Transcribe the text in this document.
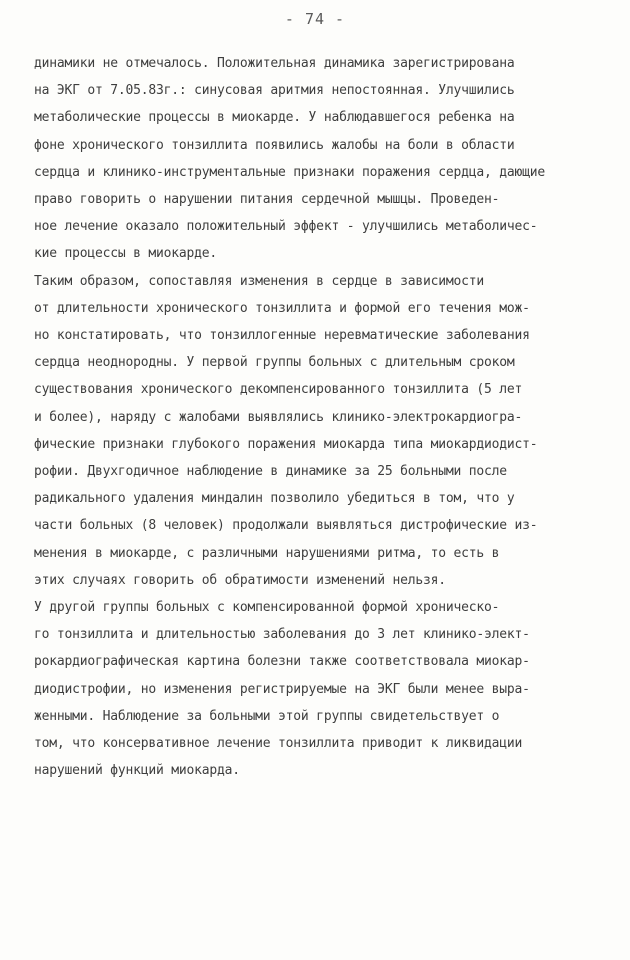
- 74 -
динамики не отмечалось. Положительная динамика зарегистрирована
на ЭКГ от 7.05.83г.: синусовая аритмия непостоянная. Улучшились
метаболические процессы в миокарде. У наблюдавшегося ребенка на
фоне хронического тонзиллита появились жалобы на боли в области
сердца и клинико-инструментальные признаки поражения сердца, дающие
право говорить о нарушении питания сердечной мышцы. Проведен-
ное лечение оказало положительный эффект - улучшились метаболичес-
кие процессы в миокарде.
Таким образом, сопоставляя изменения в сердце в зависимости
от длительности хронического тонзиллита и формой его течения мож-
но констатировать, что тонзиллогенные неревматические заболевания
сердца неоднородны. У первой группы больных с длительным сроком
существования хронического декомпенсированного тонзиллита (5 лет
и более), наряду с жалобами выявлялись клинико-электрокардиогра-
фические признаки глубокого поражения миокарда типа миокардиодист-
рофии. Двухгодичное наблюдение в динамике за 25 больными после
радикального удаления миндалин позволило убедиться в том, что у
части больных (8 человек) продолжали выявляться дистрофические из-
менения в миокарде, с различными нарушениями ритма, то есть в
этих случаях говорить об обратимости изменений нельзя.
У другой группы больных с компенсированной формой хроническо-
го тонзиллита и длительностью заболевания до 3 лет клинико-элект-
рокардиографическая картина болезни также соответствовала миокар-
диодистрофии, но изменения регистрируемые на ЭКГ были менее выра-
женными. Наблюдение за больными этой группы свидетельствует о
том, что консервативное лечение тонзиллита приводит к ликвидации
нарушений функций миокарда.
